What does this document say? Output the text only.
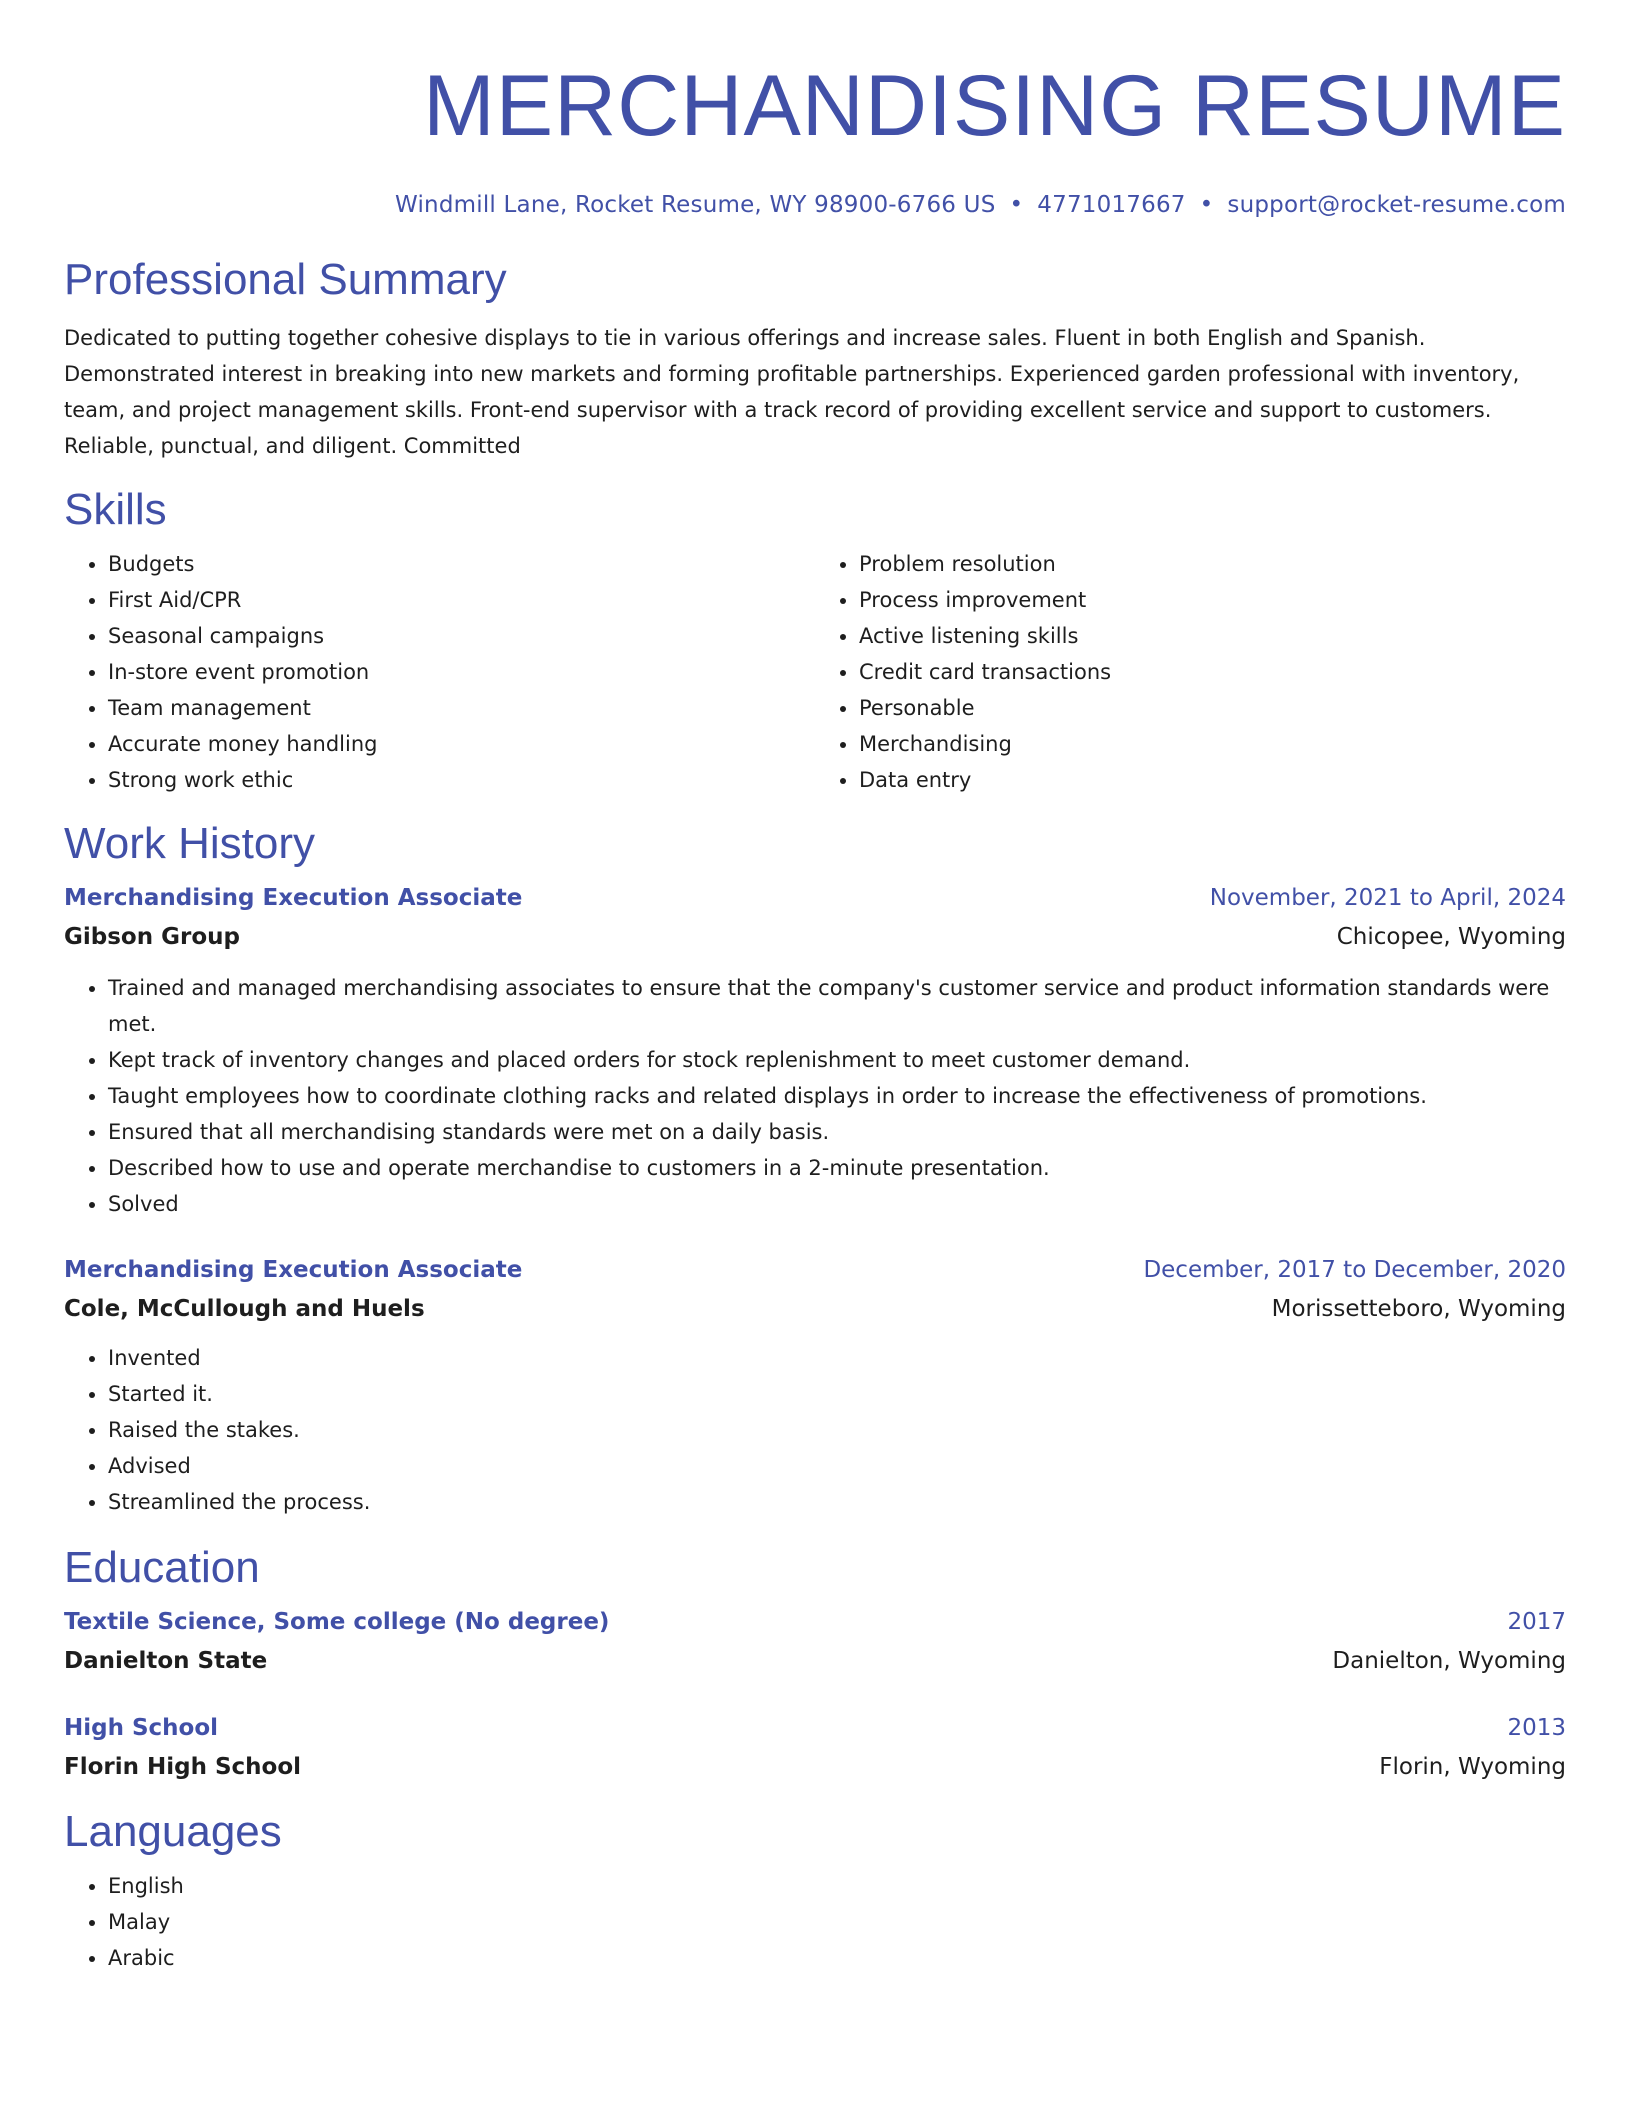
MERCHANDISING RESUME
Windmill Lane, Rocket Resume, WY 98900-6766 US • 4771017667 • support@rocket-resume.com
Professional Summary

Dedicated to putting together cohesive displays to tie in various offerings and increase sales. Fluent in both English and Spanish. Demonstrated interest in breaking into new markets and forming profitable partnerships. Experienced garden professional with inventory, team, and project management skills. Front-end supervisor with a track record of providing excellent service and support to customers. Reliable, punctual, and diligent. Committed

Skills
• Budgets
• First Aid/CPR
• Seasonal campaigns
• In-store event promotion
• Team management
• Accurate money handling
• Strong work ethic
• Problem resolution
• Process improvement
• Active listening skills
• Credit card transactions
• Personable
• Merchandising
• Data entry
Work History
Merchandising Execution Associate	November, 2021 to April, 2024
Gibson Group	Chicopee, Wyoming
• Trained and managed merchandising associates to ensure that the company's customer service and product information standards were met.
• Kept track of inventory changes and placed orders for stock replenishment to meet customer demand.
• Taught employees how to coordinate clothing racks and related displays in order to increase the effectiveness of promotions.
• Ensured that all merchandising standards were met on a daily basis.
• Described how to use and operate merchandise to customers in a 2-minute presentation.
• Solved
Merchandising Execution Associate	December, 2017 to December, 2020
Cole, McCullough and Huels	Morissetteboro, Wyoming
• Invented
• Started it.
• Raised the stakes.
• Advised
• Streamlined the process.
Education
Textile Science, Some college (No degree)	2017
Danielton State	Danielton, Wyoming
High School	2013
Florin High School	Florin, Wyoming
Languages
• English
• Malay
• Arabic
